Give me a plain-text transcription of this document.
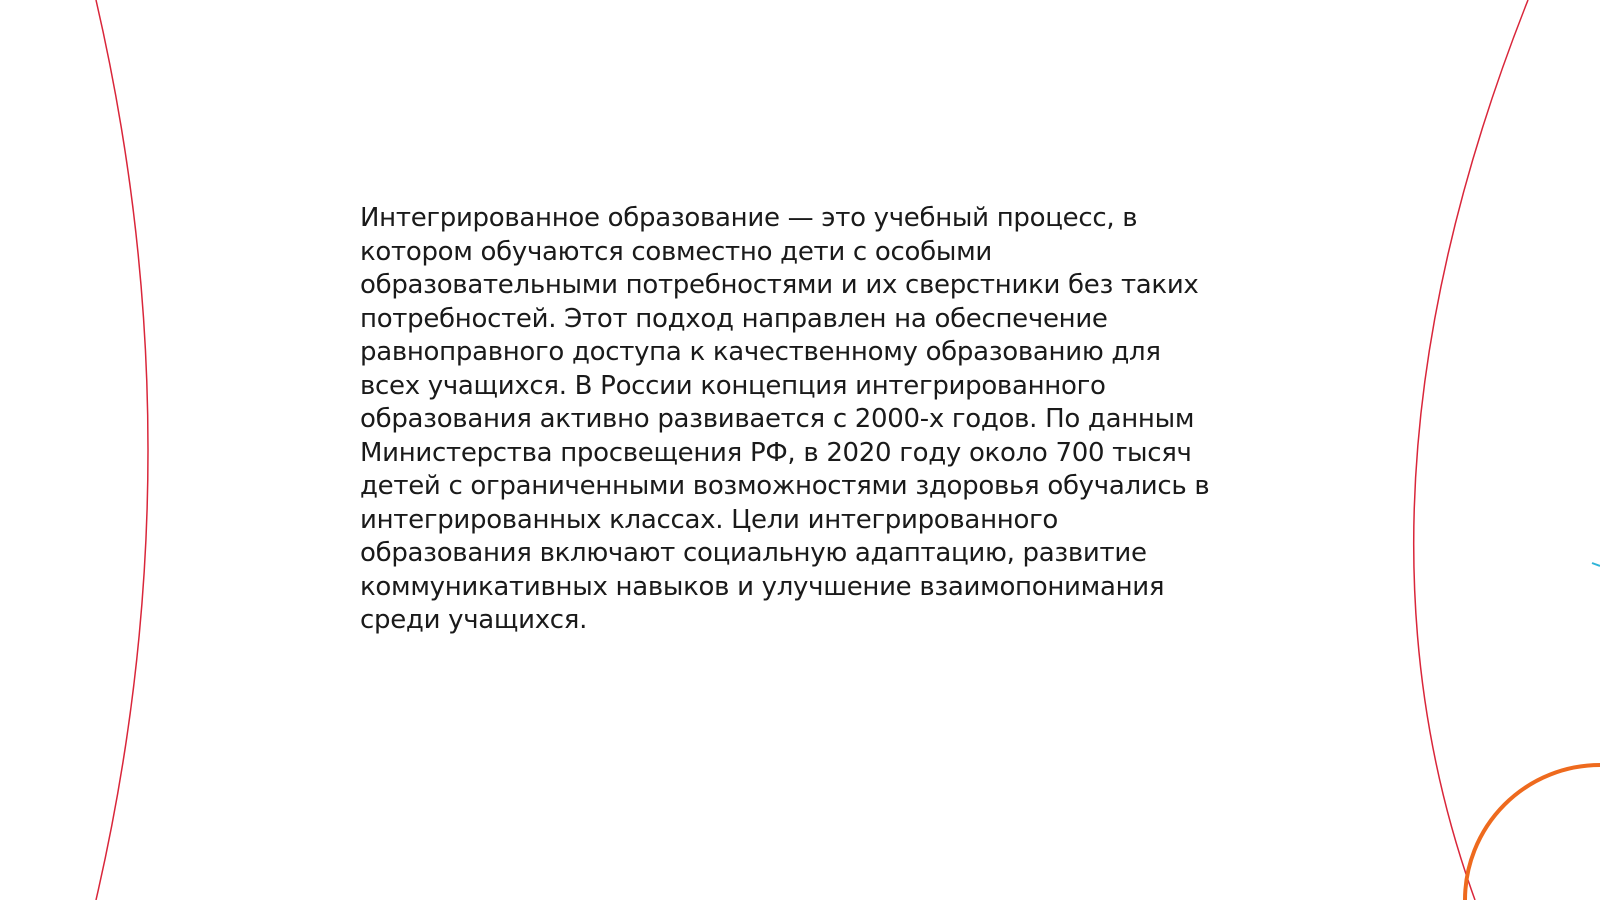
Интегрированное образование — это учебный процесс, в
котором обучаются совместно дети с особыми
образовательными потребностями и их сверстники без таких
потребностей. Этот подход направлен на обеспечение
равноправного доступа к качественному образованию для
всех учащихся. В России концепция интегрированного
образования активно развивается с 2000-х годов. По данным
Министерства просвещения РФ, в 2020 году около 700 тысяч
детей с ограниченными возможностями здоровья обучались в
интегрированных классах. Цели интегрированного
образования включают социальную адаптацию, развитие
коммуникативных навыков и улучшение взаимопонимания
среди учащихся.
